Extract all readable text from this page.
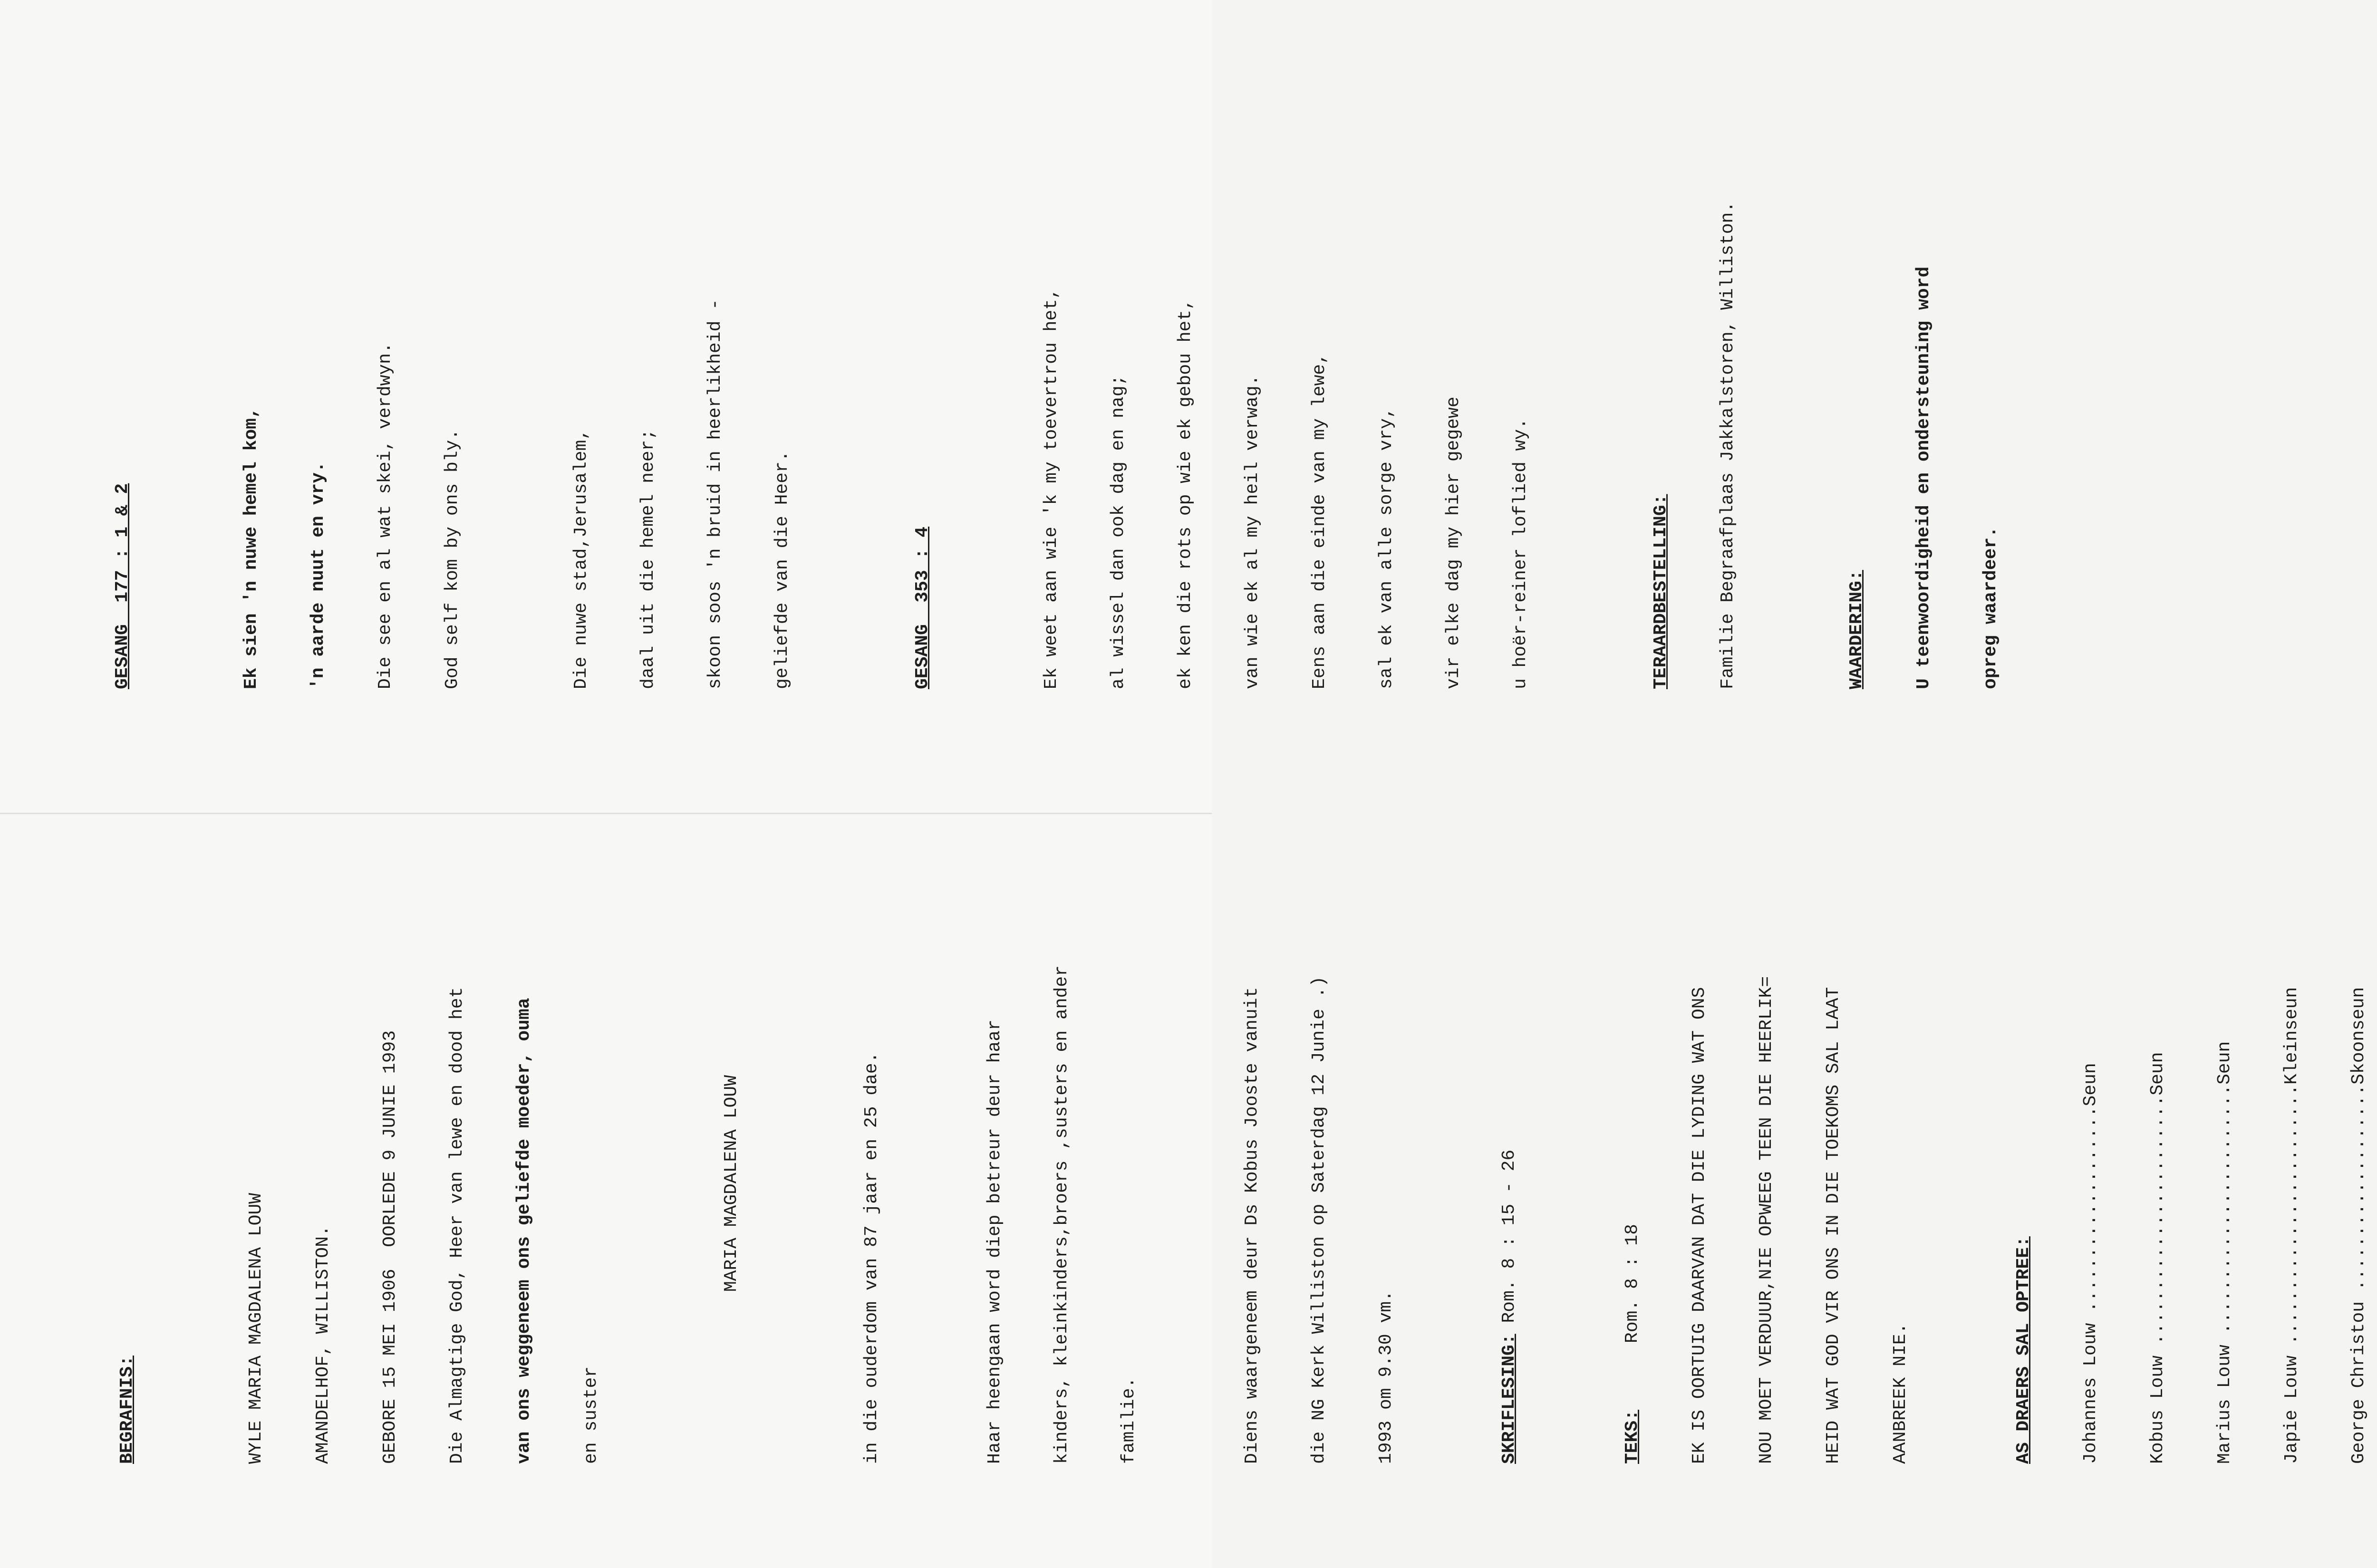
BEGRAFNIS:

	WYLE MARIA MAGDALENA LOUW

	AMANDELHOF, WILLISTON.

	GEBORE 15 MEI 1906  OORLEDE 9 JUNIE 1993

	Die Almagtige God, Heer van lewe en dood het

	van ons weggeneem ons geliefde moeder, ouma

	en suster

MARIA MAGDALENA LOUW

	in die ouderdom van 87 jaar en 25 dae.

	Haar heengaan word diep betreur deur haar

	kinders, kleinkinders,broers ,susters en ander

	familie.

	Diens waargeneem deur Ds Kobus Jooste vanuit

	die NG Kerk Williston op Saterdag 12 Junie .)

	1993 om 9.30 vm.

	SKRIFLESING: Rom. 8 : 15 - 26

TEKS:Rom. 8 : 18

	EK IS OORTUIG DAARVAN DAT DIE LYDING WAT ONS

	NOU MOET VERDUUR,NIE OPWEEG TEEN DIE HEERLIK=

	HEID WAT GOD VIR ONS IN DIE TOEKOMS SAL LAAT

	AANBREEK NIE.

	AS DRAERS SAL OPTREE:

	Johannes Louw ...................Seun

	Kobus Louw .......................Seun

	Marius Louw .......................Seun

	Japie Louw ........................Kleinseun

	George Christou ...................Skoonseun

GESANG  177 : 1 & 2

	Ek sien 'n nuwe hemel kom,

	'n aarde nuut en vry.

	Die see en al wat skei, verdwyn.

	God self kom by ons bly.

	Die nuwe stad,Jerusalem,

	daal uit die hemel neer;

	skoon soos 'n bruid in heerlikheid -

	geliefde van die Heer.

	GESANG  353 : 4

	Ek weet aan wie 'k my toevertrou het,

	al wissel dan ook dag en nag;

	ek ken die rots op wie ek gebou het,

	van wie ek al my heil verwag.

	Eens aan die einde van my lewe,

	sal ek van alle sorge vry,

	vir elke dag my hier gegewe

	u hoër-reiner loflied wy.

	TERAARDBESTELLING:

	Familie Begraafplaas Jakkalstoren, Williston.

	WAARDERING:

	U teenwoordigheid en ondersteuning word

	opreg waardeer.
